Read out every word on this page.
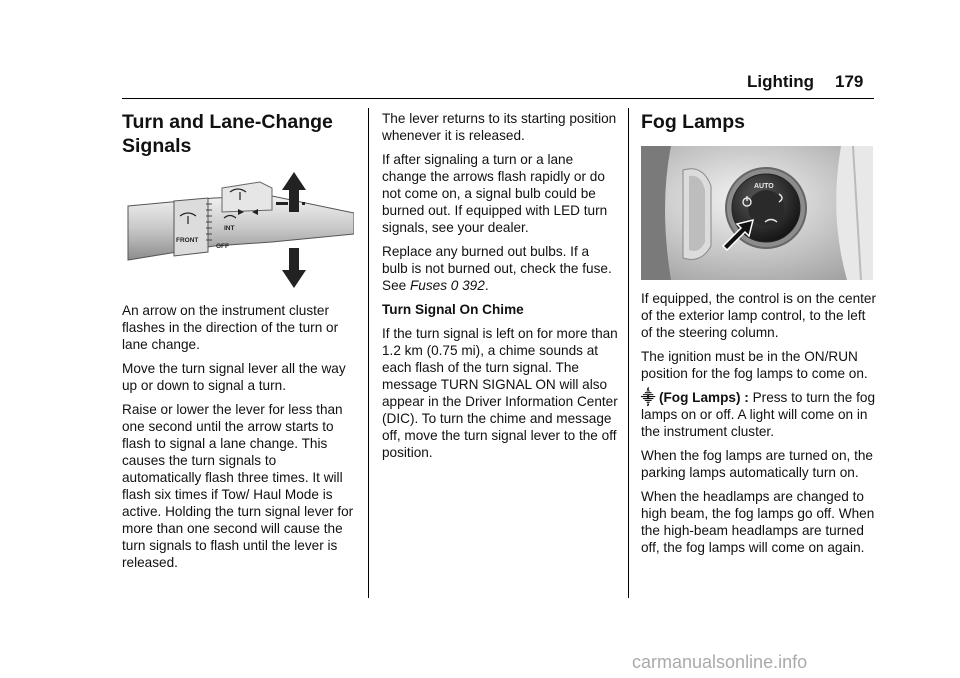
Lighting 179
Turn and Lane-Change Signals
FRONT
INT
OFF

An arrow on the instrument cluster flashes in the direction of the turn or lane change.

Move the turn signal lever all the way up or down to signal a turn.

Raise or lower the lever for less than one second until the arrow starts to flash to signal a lane change. This causes the turn signals to automatically flash three times. It will flash six times if Tow/ Haul Mode is active. Holding the turn signal lever for more than one second will cause the turn signals to flash until the lever is released.

The lever returns to its starting position whenever it is released.

If after signaling a turn or a lane change the arrows flash rapidly or do not come on, a signal bulb could be burned out. If equipped with LED turn signals, see your dealer.

Replace any burned out bulbs. If a bulb is not burned out, check the fuse. See Fuses 0 392.

Turn Signal On Chime

If the turn signal is left on for more than 1.2 km (0.75 mi), a chime sounds at each flash of the turn signal. The message TURN SIGNAL ON will also appear in the Driver Information Center (DIC). To turn the chime and message off, move the turn signal lever to the off position.

Fog Lamps
AUTO

If equipped, the control is on the center of the exterior lamp control, to the left of the steering column.

The ignition must be in the ON/RUN position for the fog lamps to come on.

⸎ (Fog Lamps) : Press to turn the fog lamps on or off. A light will come on in the instrument cluster.

When the fog lamps are turned on, the parking lamps automatically turn on.

When the headlamps are changed to high beam, the fog lamps go off. When the high-beam headlamps are turned off, the fog lamps will come on again.

carmanualsonline.info
